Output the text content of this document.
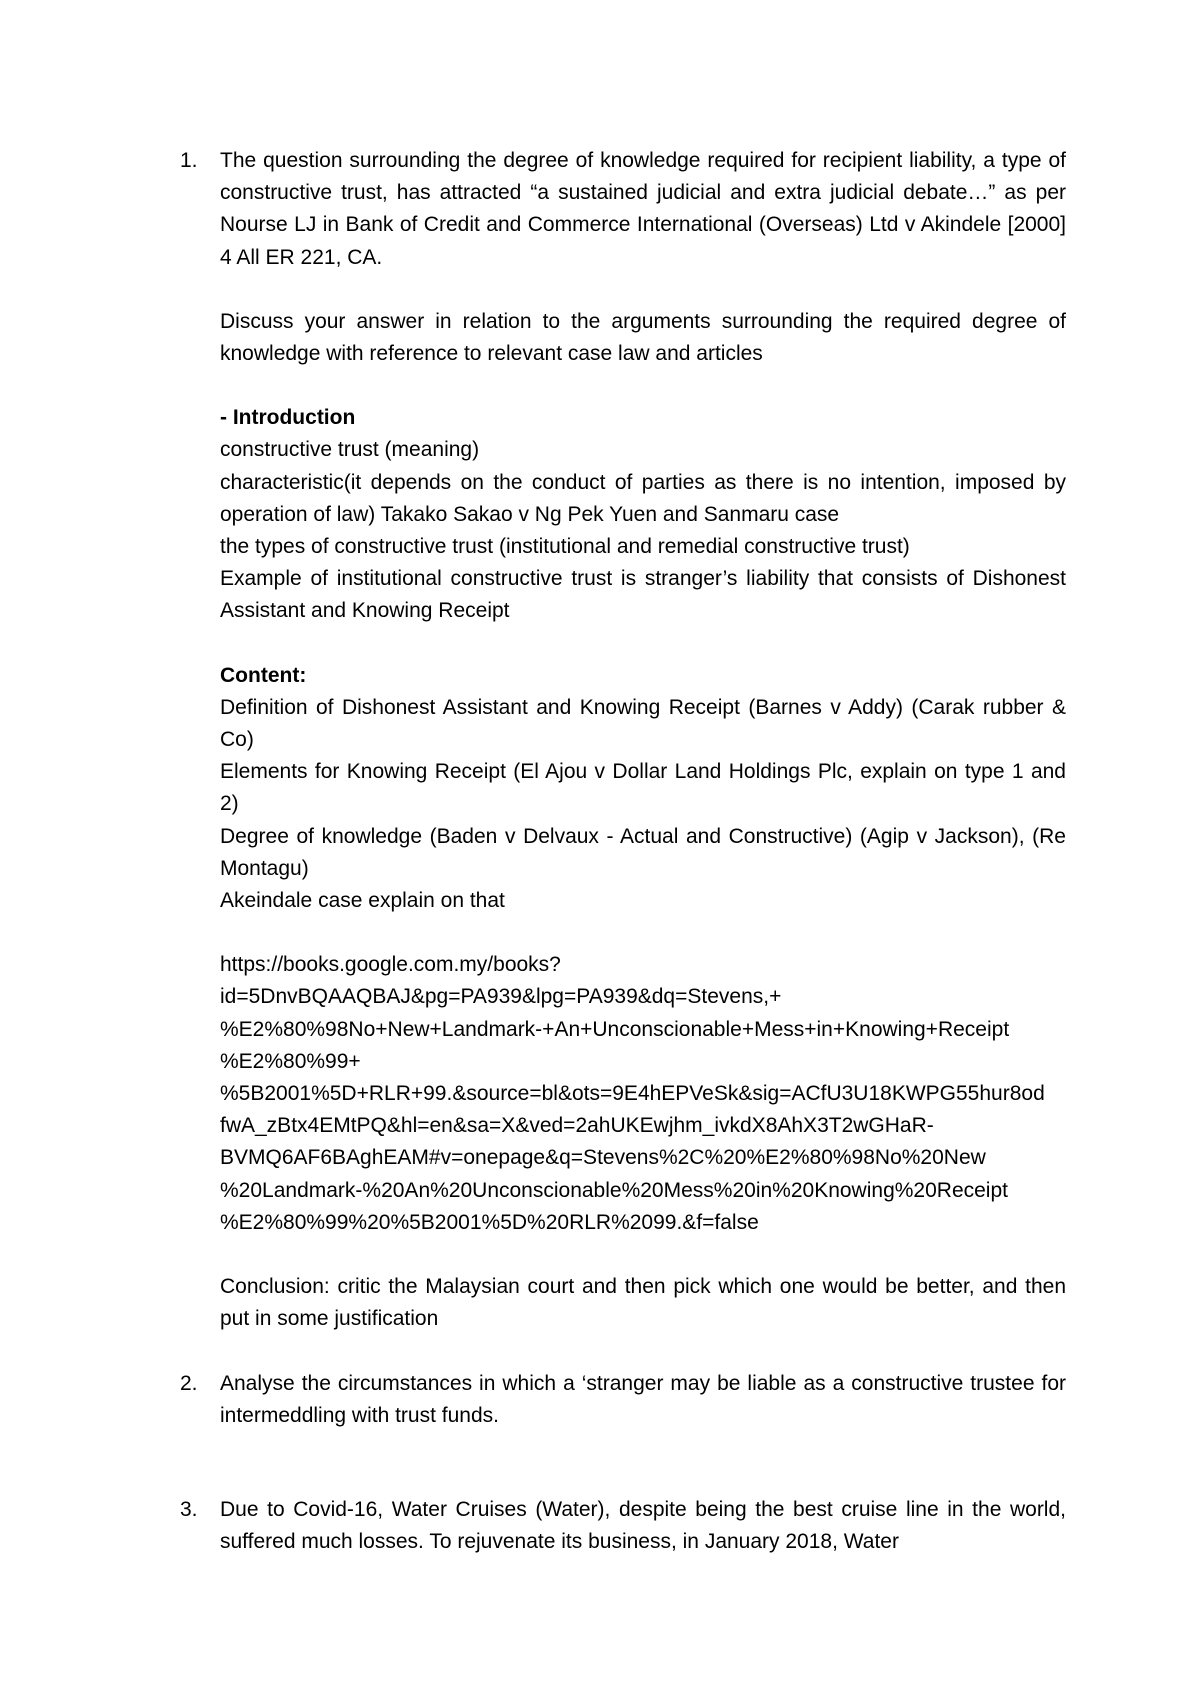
1. The question surrounding the degree of knowledge required for recipient liability, a type of constructive trust, has attracted “a sustained judicial and extra judicial debate…” as per Nourse LJ in Bank of Credit and Commerce International (Overseas) Ltd v Akindele [2000] 4 All ER 221, CA.
Discuss your answer in relation to the arguments surrounding the required degree of knowledge with reference to relevant case law and articles
- Introduction
constructive trust (meaning)
characteristic(it depends on the conduct of parties as there is no intention, imposed by operation of law) Takako Sakao v Ng Pek Yuen and Sanmaru case
the types of constructive trust (institutional and remedial constructive trust)
Example of institutional constructive trust is stranger’s liability that consists of Dishonest Assistant and Knowing Receipt
Content:
Definition of Dishonest Assistant and Knowing Receipt (Barnes v Addy) (Carak rubber & Co)
Elements for Knowing Receipt (El Ajou v Dollar Land Holdings Plc, explain on type 1 and 2)
Degree of knowledge (Baden v Delvaux - Actual and Constructive) (Agip v Jackson), (Re Montagu)
Akeindale case explain on that
https://books.google.com.my/books?
id=5DnvBQAAQBAJ&pg=PA939&lpg=PA939&dq=Stevens,+
%E2%80%98No+New+Landmark-+An+Unconscionable+Mess+in+Knowing+Receipt
%E2%80%99+
%5B2001%5D+RLR+99.&source=bl&ots=9E4hEPVeSk&sig=ACfU3U18KWPG55hur8od
fwA_zBtx4EMtPQ&hl=en&sa=X&ved=2ahUKEwjhm_ivkdX8AhX3T2wGHaR-
BVMQ6AF6BAghEAM#v=onepage&q=Stevens%2C%20%E2%80%98No%20New
%20Landmark-%20An%20Unconscionable%20Mess%20in%20Knowing%20Receipt
%E2%80%99%20%5B2001%5D%20RLR%2099.&f=false
Conclusion: critic the Malaysian court and then pick which one would be better, and then put in some justification
2. Analyse the circumstances in which a ‘stranger may be liable as a constructive trustee for intermeddling with trust funds.
3. Due to Covid-16, Water Cruises (Water), despite being the best cruise line in the world, suffered much losses. To rejuvenate its business, in January 2018, Water
